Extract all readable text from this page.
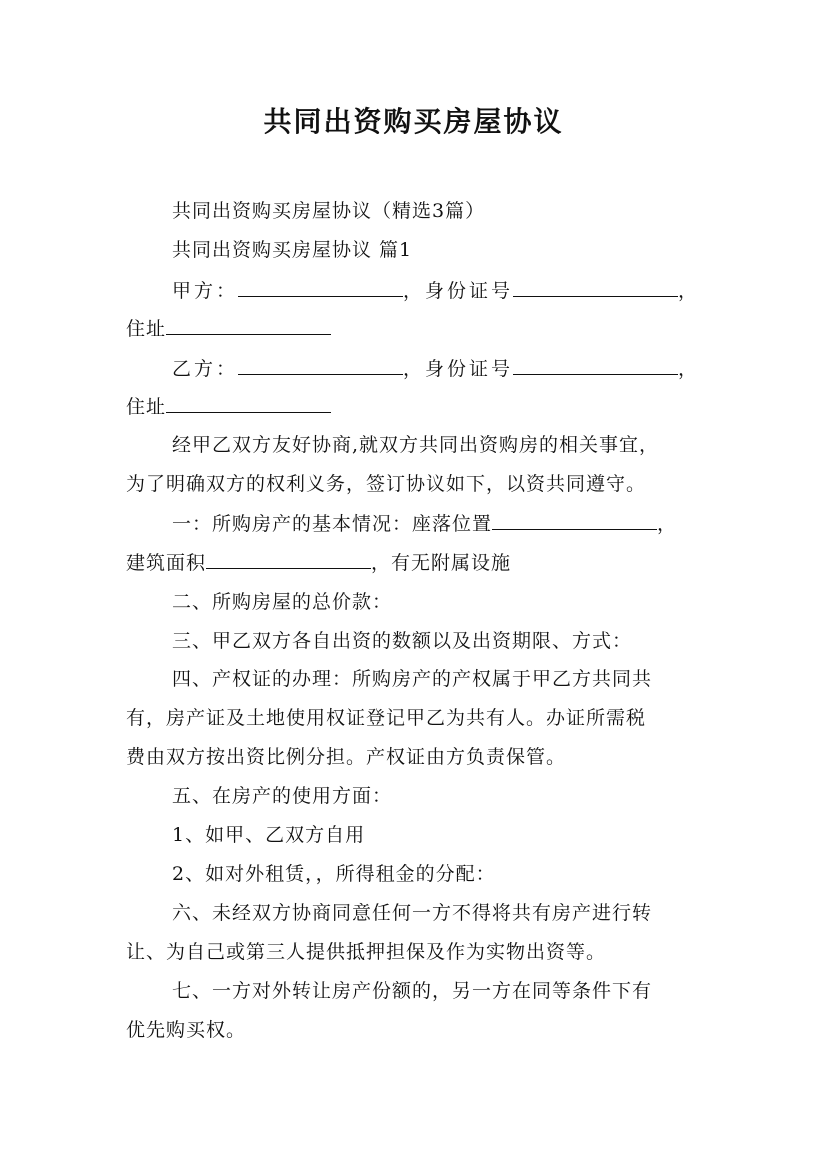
共同出资购买房屋协议
共同出资购买房屋协议（精选3篇）
共同出资购买房屋协议 篇1
甲方：	，身份证号	，
住址
乙方：	，身份证号	，
住址
经甲乙双方友好协商,就双方共同出资购房的相关事宜，
为了明确双方的权利义务，签订协议如下，以资共同遵守。
一：所购房产的基本情况：座落位置	，
建筑面积	，有无附属设施
二、所购房屋的总价款：
三、甲乙双方各自出资的数额以及出资期限、方式：
四、产权证的办理：所购房产的产权属于甲乙方共同共
有，房产证及土地使用权证登记甲乙为共有人。办证所需税
费由双方按出资比例分担。产权证由方负责保管。
五、在房产的使用方面：
1、如甲、乙双方自用
2、如对外租赁，，所得租金的分配：
六、未经双方协商同意任何一方不得将共有房产进行转
让、为自己或第三人提供抵押担保及作为实物出资等。
七、一方对外转让房产份额的，另一方在同等条件下有
优先购买权。
